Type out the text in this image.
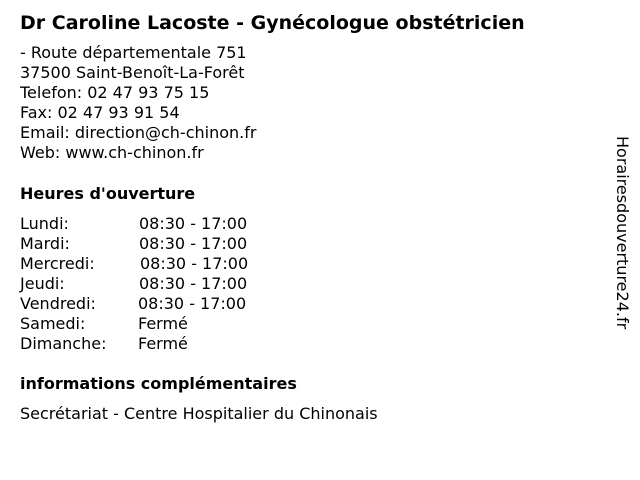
Dr Caroline Lacoste - Gynécologue obstétricien
- Route départementale 751
37500 Saint-Benoît-La-Forêt
Telefon: 02 47 93 75 15
Fax: 02 47 93 91 54
Email: direction@ch-chinon.fr
Web: www.ch-chinon.fr
Heures d'ouverture
Lundi:	08:30 - 17:00
Mardi:	08:30 - 17:00
Mercredi:	08:30 - 17:00
Jeudi:	08:30 - 17:00
Vendredi:	08:30 - 17:00
Samedi:	Fermé
Dimanche: Fermé
informations complémentaires
Secrétariat - Centre Hospitalier du Chinonais
Horairesdouverture24.fr
